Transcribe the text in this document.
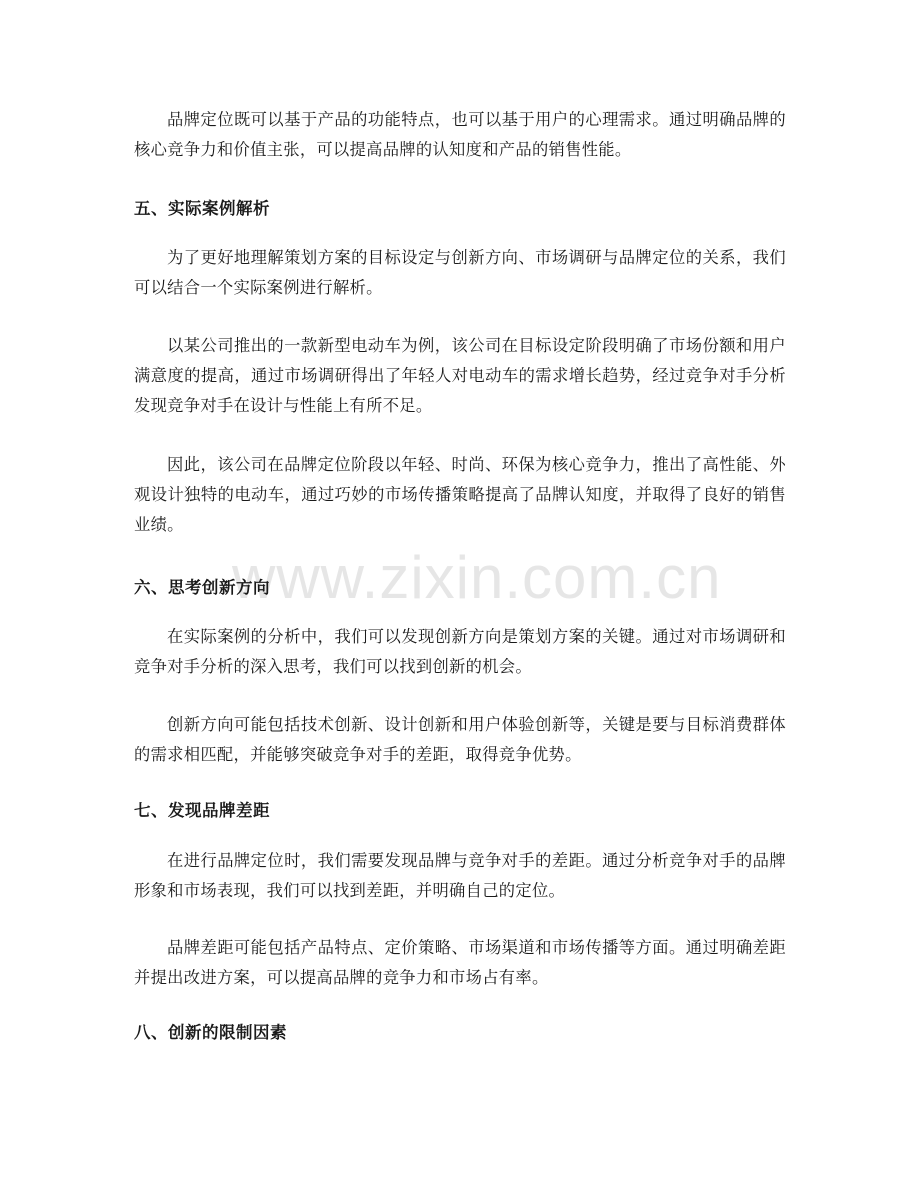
www.zixin.com.cn

品牌定位既可以基于产品的功能特点，也可以基于用户的心理需求。通过明确品牌的核心竞争力和价值主张，可以提高品牌的认知度和产品的销售性能。

五、实际案例解析

为了更好地理解策划方案的目标设定与创新方向、市场调研与品牌定位的关系，我们可以结合一个实际案例进行解析。

以某公司推出的一款新型电动车为例，该公司在目标设定阶段明确了市场份额和用户满意度的提高，通过市场调研得出了年轻人对电动车的需求增长趋势，经过竞争对手分析发现竞争对手在设计与性能上有所不足。

因此，该公司在品牌定位阶段以年轻、时尚、环保为核心竞争力，推出了高性能、外观设计独特的电动车，通过巧妙的市场传播策略提高了品牌认知度，并取得了良好的销售业绩。

六、思考创新方向

在实际案例的分析中，我们可以发现创新方向是策划方案的关键。通过对市场调研和竞争对手分析的深入思考，我们可以找到创新的机会。

创新方向可能包括技术创新、设计创新和用户体验创新等，关键是要与目标消费群体的需求相匹配，并能够突破竞争对手的差距，取得竞争优势。

七、发现品牌差距

在进行品牌定位时，我们需要发现品牌与竞争对手的差距。通过分析竞争对手的品牌形象和市场表现，我们可以找到差距，并明确自己的定位。

品牌差距可能包括产品特点、定价策略、市场渠道和市场传播等方面。通过明确差距并提出改进方案，可以提高品牌的竞争力和市场占有率。

八、创新的限制因素
